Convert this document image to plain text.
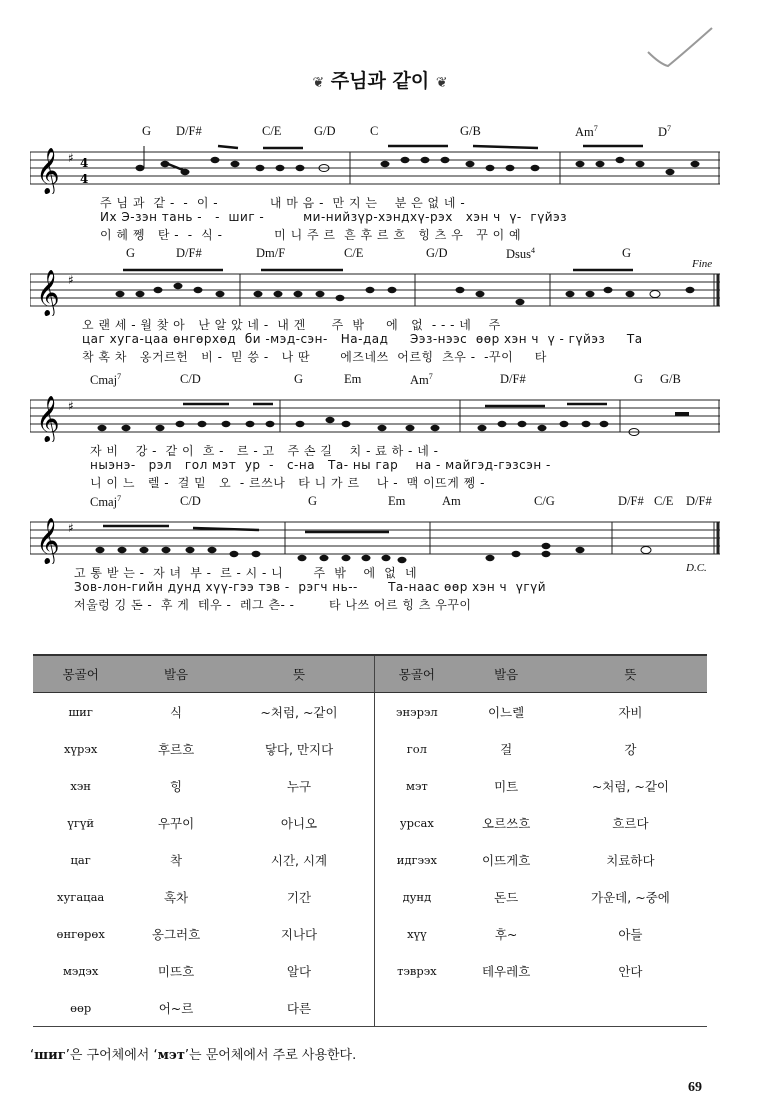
❦ 주님과 같이 ❦
G D/F#	C/E	G/D	C	G/B	Am$^7$	$D^7$
𝄞 ♯ 4
4
주 님 과  같 -  -  이 -            내 마 음 -  만 지 는    분 은 없 네 -
Их Э-зэн тань -   -  шиг -         ми-нийзүр-хэндхү-рэх   хэн ч  ү-  гүйэз
이 헤 쩽   탄 -  -  식 -            미 니 주 르  흔 후 르 흐   힝 츠 우   꾸 이 예
G	D/F#	Dm/F	C/E	G/D	Dsus$^4$	G
𝄞 ♯
Fine
오 랜 세 - 월 찾 아   난 알 았 네 -  내 겐      주  밖     에   없  - - - 네    주
цаг хуга-цаа өнгөрхөд  би -мэд-сэн-   На-дад     Ээз-нээс  өөр хэн ч  ү - гүйэз     Та
착 혹 차   옹거르헌   비 -  믿 씅 -   나 딴       에즈네쓰  어르힝  츠우 -  -꾸이     타
Cmaj$^7$	C/D	G	Em	Am$^7$	D/F#	G G/B
𝄞 ♯
자 비    강 -  같 이  흐 -   르 - 고   주 손 길    치 - 료 하 - 네 -
ныэнэ-   рэл   гол мэт  ур  -   с-на   Та- ны гар    на - майгэд-гэзсэн -
니 이 느   렐 -  걸 밑   오  - 르쓰나   타 니 가 르    나 -  맥 이뜨게 쩽 -
Cmaj$^7$	C/D	G	Em	Am	C/G	D/F# C/E D/F#
𝄞 ♯
D.C.
고 통 받 는 -  자 녀  부 -  르 - 시 - 니       주  밖    에  없  네
Зов-лон-гийн дунд хүү-гээ тэв -  рэгч нь--       Та-наас өөр хэн ч  үгүй
저울렁 깅 돈 -  후 게  테우 -  레그 츤- -        타 나쓰 어르 힝 츠 우꾸이
몽골어	발음	뜻	몽골어	발음	뜻
шиг	식	~처럼, ~같이	энэрэл	이느렐	자비
хүрэх	후르흐	닿다, 만지다	гол	걸	강
хэн	힝	누구	мэт	미트	~처럼, ~같이
үгүй	우꾸이	아니오	урсах	오르쓰흐	흐르다
цаг	착	시간, 시계	идгээх	이뜨게흐	치료하다
хугацаа	혹차	기간	дунд	돈드	가운데, ~중에
өнгөрөх	옹그러흐	지나다	хүү	후~	아들
мэдэх	미뜨흐	알다	тэврэх	테우레흐	안다
өөр	어~르	다른			
‘шиг’은 구어체에서 ‘мэт’는 문어체에서 주로 사용한다.
69
